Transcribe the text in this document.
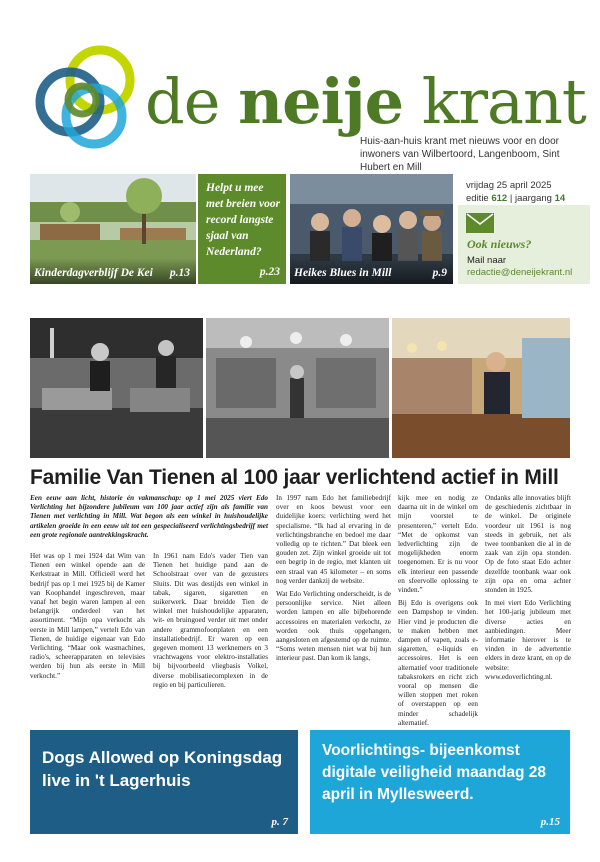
de neije krant
Huis-aan-huis krant met nieuws voor en door inwoners van Wilbertoord, Langenboom, Sint Hubert en Mill
Kinderdagverblijf De Kei p.13
Helpt u mee met breien voor record langste sjaal van Nederland?
p.23 Heikes Blues in Mill	p.9
vrijdag 25 april 2025
editie 612 | jaargang 14
Ook nieuws?
Mail naar
redactie@deneijekrant.nl
Familie Van Tienen al 100 jaar verlichtend actief in Mill

Een eeuw aan licht, historie én vakmanschap: op 1 mei 2025 viert Edo Verlichting het bijzondere jubileum van 100 jaar actief zijn als familie van Tienen met verlichting in Mill. Wat begon als een winkel in huishoudelijke artikelen groeide in een eeuw uit tot een gespecialiseerd verlichtingsbedrijf met een grote regionale aantrekkingskracht.

Het was op 1 mei 1924 dat Wim van Tienen een winkel opende aan de Kerkstraat in Mill. Officieël werd het bedrijf pas op 1 mei 1925 bij de Kamer van Koophandel ingeschreven, maar vanaf het begin waren lampen al een belangrijk onderdeel van het assortiment. “Mijn opa verkocht als eerste in Mill lampen,” vertelt Edo van Tienen, de huidige eigenaar van Edo Verlichting. “Maar ook wasmachines, radio's, scheerapparaten en televisies werden bij hun als eerste in Mill verkocht.”

In 1961 nam Edo's vader Tien van Tienen het huidige pand aan de Schoolstraat over van de gezusters Sluits. Dit was destijds een winkel in tabak, sigaren, sigaretten en suikerwerk. Daar breidde Tien de winkel met huishoudelijke apparaten, wit- en bruingoed verder uit met onder andere grammofoonplaten en een installatiebedrijf. Er waren op een gegeven moment 13 werknemers en 3 vrachtwagens voor elektro-installaties bij bijvoorbeeld vliegbasis Volkel, diverse mobilisatiecomplexen in de regio en bij particulieren.

In 1997 nam Edo het familiebedrijf over en koos bewust voor een duidelijke koers: verlichting werd het specialisme. “Ik had al ervaring in de verlichtingsbranche en bedoel me daar volledig op te richten.” Dat bleek een gouden zet. Zijn winkel groeide uit tot een begrip in de regio, met klanten uit een straal van 45 kilometer – en soms nog verder dankzij de website.

Wat Edo Verlichting onderscheidt, is de persoonlijke service. Niet alleen worden lampen en alle bijbehorende accessoires en materialen verkocht, ze worden ook thuis opgehangen, aangesloten en afgestemd op de ruimte. “Soms weten mensen niet wat bij hun interieur past. Dan kom ik langs,

kijk mee en nodig ze daarna uit in de winkel om mijn voorstel te presenteren,” vertelt Edo. “Met de opkomst van ledverlichting zijn de mogelijkheden enorm toegenomen. Er is nu voor elk interieur een passende en sfeervolle oplossing te vinden.”

Bij Edo is overigens ook een Dampshop te vinden. Hier vind je producten die te maken hebben met dampen of vapen, zoals e-sigaretten, e-liquids en accessoires. Het is een alternatief voor traditionele tabaksrokers en richt zich vooral op mensen die willen stoppen met roken of overstappen op een minder schadelijk alternatief.

Ondanks alle innovaties blijft de geschiedenis zichtbaar in de winkel. De originele voordeur uit 1961 is nog steeds in gebruik, net als twee toonbanken die al in de zaak van zijn opa stonden. Op de foto staat Edo achter dezelfde toonbank waar ook zijn opa en oma achter stonden in 1925.

In mei viert Edo Verlichting het 100-jarig jubileum met diverse acties en aanbiedingen. Meer informatie hierover is te vinden in de advertentie elders in deze krant, en op de website: www.edoverlichting.nl.

Dogs Allowed op Koningsdag live in 't Lagerhuis
p. 7
Voorlichtings- bijeenkomst digitale veiligheid maandag 28 april in Myllesweerd.
p.15
